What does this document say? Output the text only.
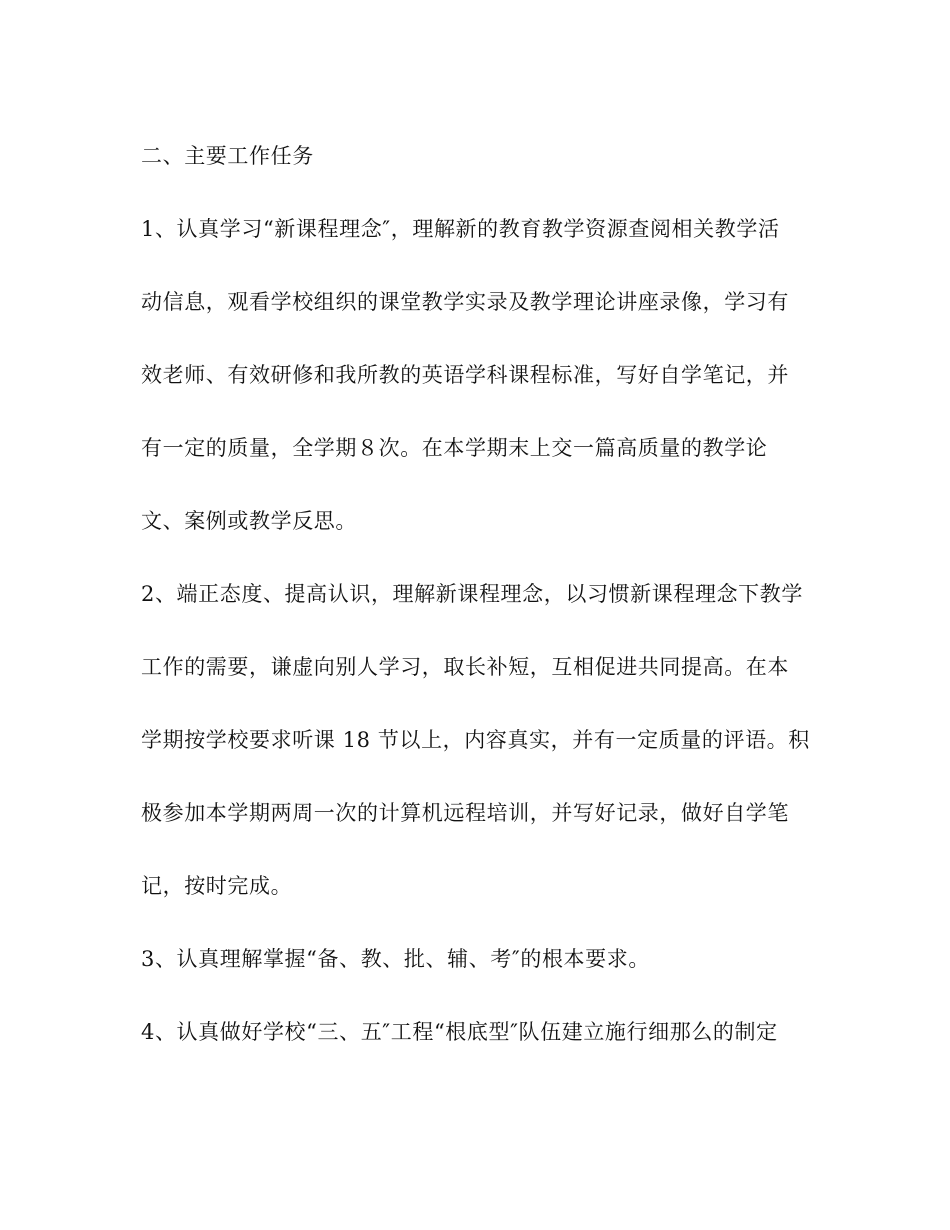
二、主要工作任务
1、认真学习“新课程理念″，理解新的教育教学资源查阅相关教学活
动信息，观看学校组织的课堂教学实录及教学理论讲座录像，学习有
效老师、有效研修和我所教的英语学科课程标准，写好自学笔记，并
有一定的质量，全学期８次。在本学期末上交一篇高质量的教学论
文、案例或教学反思。
2、端正态度、提高认识，理解新课程理念，以习惯新课程理念下教学
工作的需要，谦虚向别人学习，取长补短，互相促进共同提高。在本
学期按学校要求听课 18 节以上，内容真实，并有一定质量的评语。积
极参加本学期两周一次的计算机远程培训，并写好记录，做好自学笔
记，按时完成。
3、认真理解掌握“备、教、批、辅、考″的根本要求。
4、认真做好学校“三、五″工程“根底型″队伍建立施行细那么的制定
